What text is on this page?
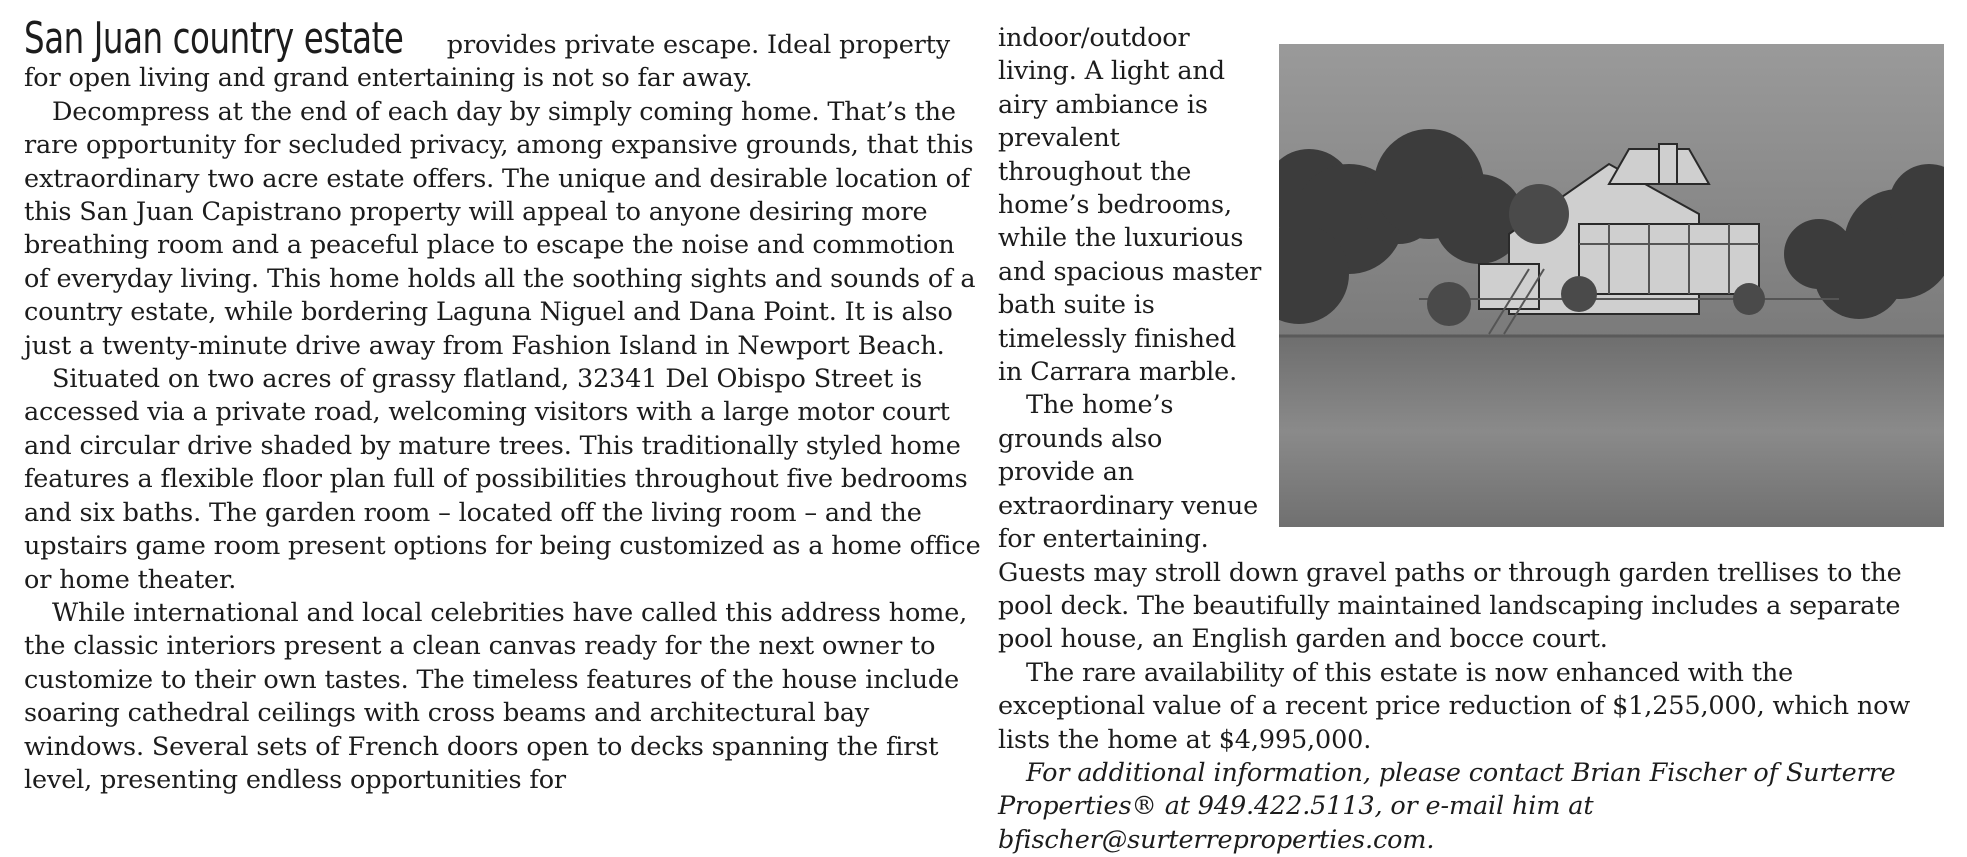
San Juan country estate provides private escape. Ideal property for open living and grand entertaining is not so far away.

Decompress at the end of each day by simply coming home. That’s the rare opportunity for secluded privacy, among expansive grounds, that this extraordinary two acre estate offers. The unique and desirable location of this San Juan Capistrano property will appeal to anyone desiring more breathing room and a peaceful place to escape the noise and commotion of everyday living. This home holds all the soothing sights and sounds of a country estate, while bordering Laguna Niguel and Dana Point. It is also just a twenty-minute drive away from Fashion Island in Newport Beach.

Situated on two acres of grassy flatland, 32341 Del Obispo Street is accessed via a private road, welcoming visitors with a large motor court and circular drive shaded by mature trees. This traditionally styled home features a flexible floor plan full of possibilities throughout five bedrooms and six baths. The garden room – located off the living room – and the upstairs game room present options for being customized as a home office or home theater.

While international and local celebrities have called this address home, the classic interiors present a clean canvas ready for the next owner to customize to their own tastes. The timeless features of the house include soaring cathedral ceilings with cross beams and architectural bay windows. Several sets of French doors open to decks spanning the first level, presenting endless opportunities for

indoor/outdoor living. A light and airy ambiance is prevalent throughout the home’s bedrooms, while the luxurious and spacious master bath suite is timelessly finished in Carrara marble.

The home’s grounds also provide an extraordinary venue for entertaining. Guests may stroll down gravel paths or through garden trellises to the pool deck. The beautifully maintained landscaping includes a separate pool house, an English garden and bocce court.

The rare availability of this estate is now enhanced with the exceptional value of a recent price reduction of $1,255,000, which now lists the home at $4,995,000.

For additional information, please contact Brian Fischer of Surterre Properties® at 949.422.5113, or e-mail him at bfischer@surterreproperties.com.
